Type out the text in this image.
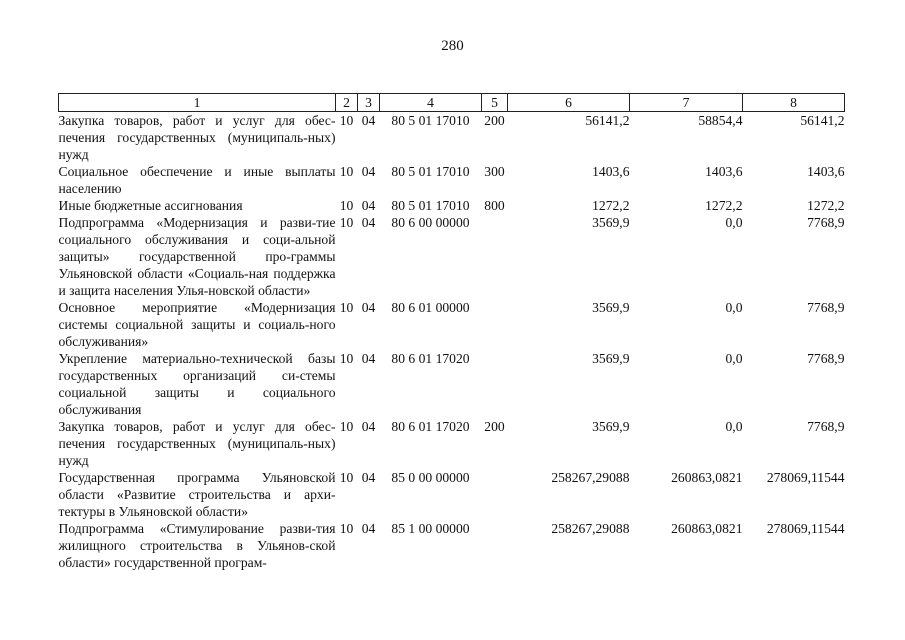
280
1	2	3	4	5	6	7	8
Закупка товаров, работ и услуг для обес-печения государственных (муниципаль-ных) нужд	10	04	80 5 01 17010	200	56141,2	58854,4	56141,2
Социальное обеспечение и иные выплаты населению	10	04	80 5 01 17010	300	1403,6	1403,6	1403,6
Иные бюджетные ассигнования	10	04	80 5 01 17010	800	1272,2	1272,2	1272,2
Подпрограмма «Модернизация и разви-тие социального обслуживания и соци-альной защиты» государственной про-граммы Ульяновской области «Социаль-ная поддержка и защита населения Улья-новской области»	10	04	80 6 00 00000		3569,9	0,0	7768,9
Основное мероприятие «Модернизация системы социальной защиты и социаль-ного обслуживания»	10	04	80 6 01 00000		3569,9	0,0	7768,9
Укрепление материально-технической базы государственных организаций си-стемы социальной защиты и социального обслуживания	10	04	80 6 01 17020		3569,9	0,0	7768,9
Закупка товаров, работ и услуг для обес-печения государственных (муниципаль-ных) нужд	10	04	80 6 01 17020	200	3569,9	0,0	7768,9
Государственная программа Ульяновской области «Развитие строительства и архи-тектуры в Ульяновской области»	10	04	85 0 00 00000		258267,29088	260863,0821	278069,11544
Подпрограмма «Стимулирование разви-тия жилищного строительства в Ульянов-ской области» государственной програм-	10	04	85 1 00 00000		258267,29088	260863,0821	278069,11544
